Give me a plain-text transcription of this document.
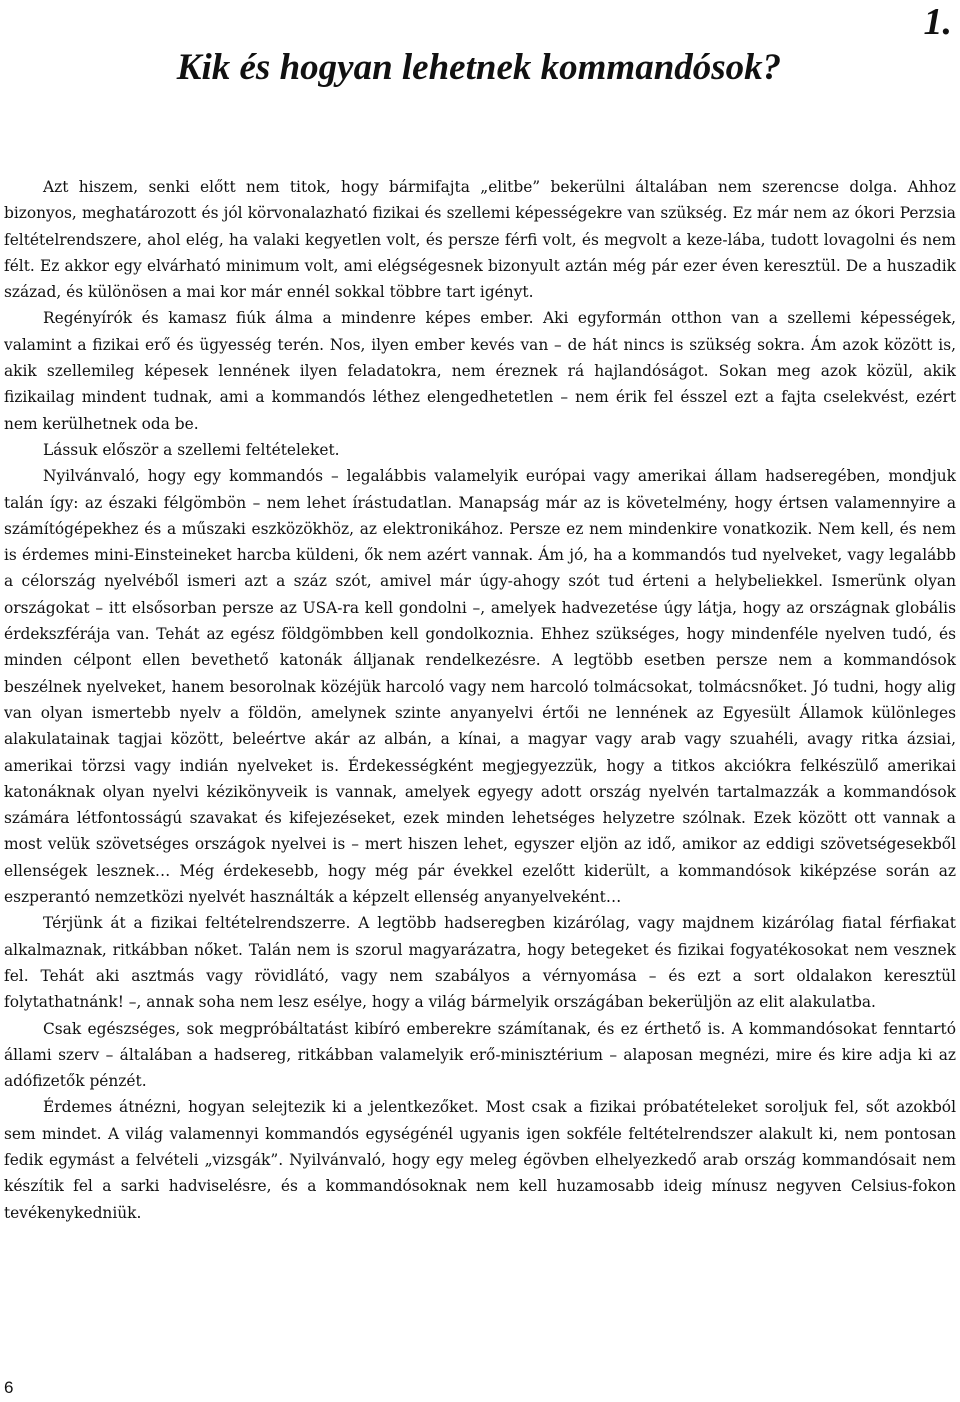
1.
Kik és hogyan lehetnek kommandósok?

Azt hiszem, senki előtt nem titok, hogy bármifajta „elitbe” bekerülni általában nem szerencse dolga. Ahhoz bizonyos, meghatározott és jól körvonalazható fizikai és szellemi képességekre van szükség. Ez már nem az ókori Perzsia feltételrendszere, ahol elég, ha valaki kegyetlen volt, és persze férfi volt, és megvolt a keze-lába, tudott lovagolni és nem félt. Ez akkor egy elvárható minimum volt, ami elégségesnek bizonyult aztán még pár ezer éven keresztül. De a huszadik század, és különösen a mai kor már ennél sokkal többre tart igényt.

Regényírók és kamasz fiúk álma a mindenre képes ember. Aki egyformán otthon van a szellemi képességek, valamint a fizikai erő és ügyesség terén. Nos, ilyen ember kevés van – de hát nincs is szükség sokra. Ám azok között is, akik szellemileg képesek lennének ilyen feladatokra, nem éreznek rá hajlandóságot. Sokan meg azok közül, akik fizikailag mindent tudnak, ami a kommandós léthez elengedhetetlen – nem érik fel ésszel ezt a fajta cselekvést, ezért nem kerülhetnek oda be.

Lássuk először a szellemi feltételeket.

Nyilvánvaló, hogy egy kommandós – legalábbis valamelyik európai vagy amerikai állam hadseregében, mondjuk talán így: az északi félgömbön – nem lehet írástudatlan. Manapság már az is követelmény, hogy értsen valamennyire a számítógépekhez és a műszaki eszközökhöz, az elektronikához. Persze ez nem mindenkire vonatkozik. Nem kell, és nem is érdemes mini-Einsteineket harcba küldeni, ők nem azért vannak. Ám jó, ha a kommandós tud nyelveket, vagy legalább a célország nyelvéből ismeri azt a száz szót, amivel már úgy-ahogy szót tud érteni a helybeliekkel. Ismerünk olyan országokat – itt elsősorban persze az USA-ra kell gondolni –, amelyek hadvezetése úgy látja, hogy az országnak globális érdekszférája van. Tehát az egész földgömbben kell gondolkoznia. Ehhez szükséges, hogy mindenféle nyelven tudó, és minden célpont ellen bevethető katonák álljanak rendelkezésre. A legtöbb esetben persze nem a kommandósok beszélnek nyelveket, hanem besorolnak közéjük harcoló vagy nem harcoló tolmácsokat, tolmácsnőket. Jó tudni, hogy alig van olyan ismertebb nyelv a földön, amelynek szinte anyanyelvi értői ne lennének az Egyesült Államok különleges alakulatainak tagjai között, beleértve akár az albán, a kínai, a magyar vagy arab vagy szuahéli, avagy ritka ázsiai, amerikai törzsi vagy indián nyelveket is. Érdekességként megjegyezzük, hogy a titkos akciókra felkészülő amerikai katonáknak olyan nyelvi kézikönyveik is vannak, amelyek egyegy adott ország nyelvén tartalmazzák a kommandósok számára létfontosságú szavakat és kifejezéseket, ezek minden lehetséges helyzetre szólnak. Ezek között ott vannak a most velük szövetséges országok nyelvei is – mert hiszen lehet, egyszer eljön az idő, amikor az eddigi szövetségesekből ellenségek lesznek… Még érdekesebb, hogy még pár évekkel ezelőtt kiderült, a kommandósok kiképzése során az eszperantó nemzetközi nyelvét használták a képzelt ellenség anyanyelveként…

Térjünk át a fizikai feltételrendszerre. A legtöbb hadseregben kizárólag, vagy majdnem kizárólag fiatal férfiakat alkalmaznak, ritkábban nőket. Talán nem is szorul magyarázatra, hogy betegeket és fizikai fogyatékosokat nem vesznek fel. Tehát aki asztmás vagy rövidlátó, vagy nem szabályos a vérnyomása – és ezt a sort oldalakon keresztül folytathatnánk! –, annak soha nem lesz esélye, hogy a világ bármelyik országában bekerüljön az elit alakulatba.

Csak egészséges, sok megpróbáltatást kibíró emberekre számítanak, és ez érthető is. A kommandósokat fenntartó állami szerv – általában a hadsereg, ritkábban valamelyik erő-minisztérium – alaposan megnézi, mire és kire adja ki az adófizetők pénzét.

Érdemes átnézni, hogyan selejtezik ki a jelentkezőket. Most csak a fizikai próbatételeket soroljuk fel, sőt azokból sem mindet. A világ valamennyi kommandós egységénél ugyanis igen sokféle feltételrendszer alakult ki, nem pontosan fedik egymást a felvételi „vizsgák”. Nyilvánvaló, hogy egy meleg égövben elhelyezkedő arab ország kommandósait nem készítik fel a sarki hadviselésre, és a kommandósoknak nem kell huzamosabb ideig mínusz negyven Celsius-fokon tevékenykedniük.

6
